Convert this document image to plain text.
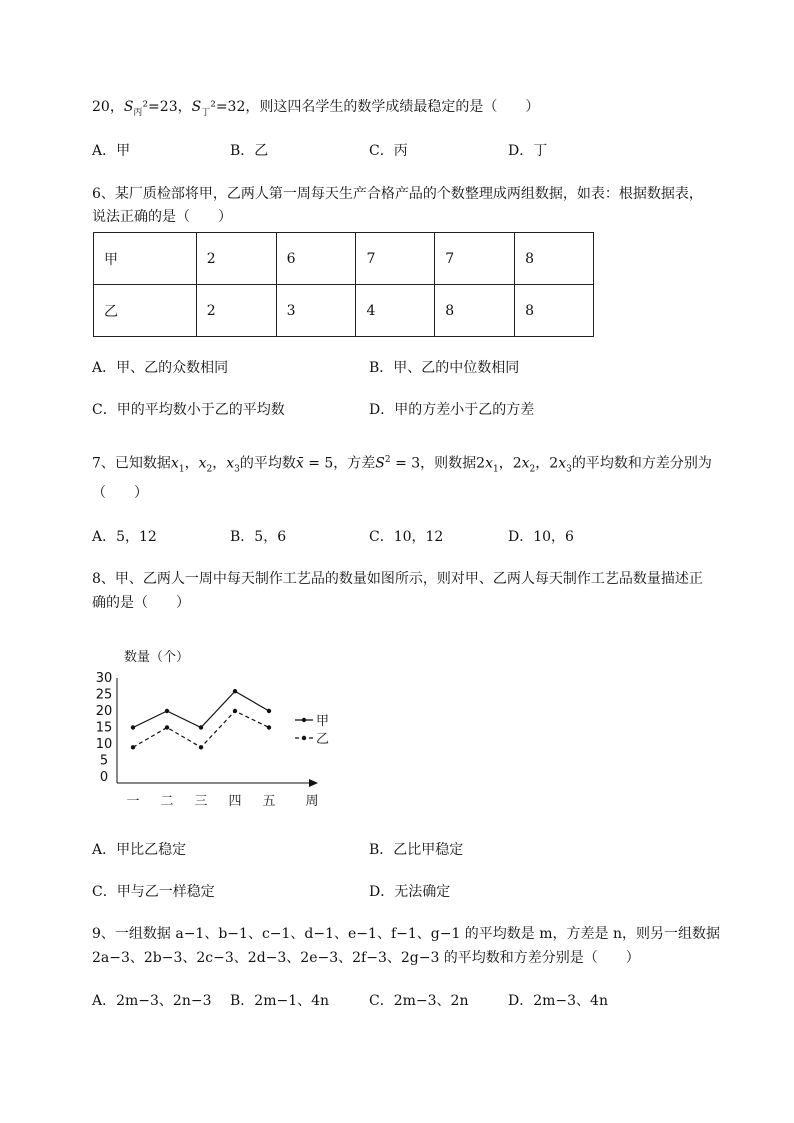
20，$S_丙^2=23$，$S_丁^2=32$，则这四名学生的数学成绩最稳定的是（　　）
A．甲	B．乙	C．丙	D．丁
6、某厂质检部将甲，乙两人第一周每天生产合格产品的个数整理成两组数据，如表：根据数据表，
说法正确的是（　　）
甲	2	6	7	7	8
乙	2	3	4	8	8
A．甲、乙的众数相同	B．甲、乙的中位数相同
C．甲的平均数小于乙的平均数	D．甲的方差小于乙的方差
7、已知数据$x_1$，$x_2$，$x_3$的平均数x̄ = 5，方差$S^2 = 3$，则数据$2x_1$，$2x_2$，$2x_3$的平均数和方差分别为
（　　）
A．5，12	B．5，6	C．10，12	D．10，6
8、甲、乙两人一周中每天制作工艺品的数量如图所示，则对甲、乙两人每天制作工艺品数量描述正
确的是（　　）
数量（个）
30
25
20
15
10
5
0
一 二 三 四 五 周
甲
乙
A．甲比乙稳定	B．乙比甲稳定
C．甲与乙一样稳定	D．无法确定
9、一组数据 a−1、b−1、c−1、d−1、e−1、f−1、g−1 的平均数是 m，方差是 n，则另一组数据
2a−3、2b−3、2c−3、2d−3、2e−3、2f−3、2g−3 的平均数和方差分别是（　　）
A．2m−3、2n−3 B．2m−1、4n	C．2m−3、2n	D．2m−3、4n
